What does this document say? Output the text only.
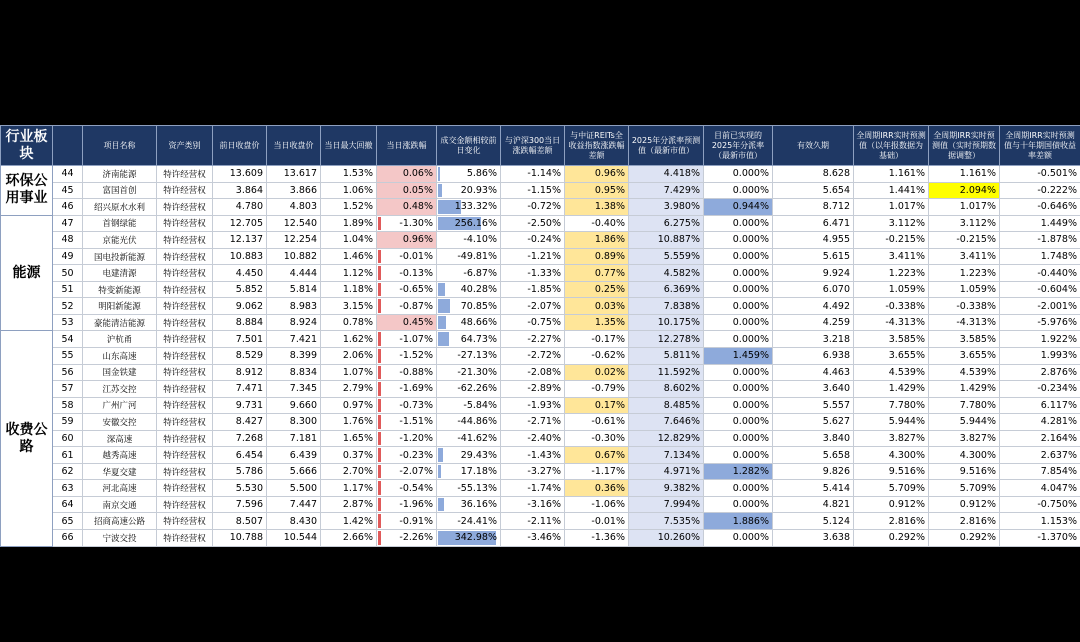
行业板块		项目名称	资产类别	前日收盘价	当日收盘价	当日最大回撤	当日涨跌幅	成交金额相较前日变化	与沪深300当日涨跌幅差额	与中证REITs全收益指数涨跌幅差额	2025年分派率预测值（最新市值）	目前已实现的2025年分派率（最新市值）	有效久期	全周期IRR实时预测值（以年报数据为基础）	全周期IRR实时预测值（实时预期数据调整）	全周期IRR实时预测值与十年期国债收益率差额
环保公用事业	44	济南能源	特许经营权	13.609	13.617	1.53%	0.06%	5.86%	-1.14%	0.96%	4.418%	0.000%	8.628	1.161%	1.161%	-0.501%
	45	富国首创	特许经营权	3.864	3.866	1.06%	0.05%	20.93%	-1.15%	0.95%	7.429%	0.000%	5.654	1.441%	2.094%	-0.222%
	46	绍兴原水水利	特许经营权	4.780	4.803	1.52%	0.48%	133.32%	-0.72%	1.38%	3.980%	0.944%	8.712	1.017%	1.017%	-0.646%
能源	47	首钢绿能	特许经营权	12.705	12.540	1.89%	-1.30%	256.16%	-2.50%	-0.40%	6.275%	0.000%	6.471	3.112%	3.112%	1.449%
	48	京能光伏	特许经营权	12.137	12.254	1.04%	0.96%	-4.10%	-0.24%	1.86%	10.887%	0.000%	4.955	-0.215%	-0.215%	-1.878%
	49	国电投新能源	特许经营权	10.883	10.882	1.46%	-0.01%	-49.81%	-1.21%	0.89%	5.559%	0.000%	5.615	3.411%	3.411%	1.748%
	50	电建清源	特许经营权	4.450	4.444	1.12%	-0.13%	-6.87%	-1.33%	0.77%	4.582%	0.000%	9.924	1.223%	1.223%	-0.440%
	51	特变新能源	特许经营权	5.852	5.814	1.18%	-0.65%	40.28%	-1.85%	0.25%	6.369%	0.000%	6.070	1.059%	1.059%	-0.604%
	52	明阳新能源	特许经营权	9.062	8.983	3.15%	-0.87%	70.85%	-2.07%	0.03%	7.838%	0.000%	4.492	-0.338%	-0.338%	-2.001%
	53	豪能清洁能源	特许经营权	8.884	8.924	0.78%	0.45%	48.66%	-0.75%	1.35%	10.175%	0.000%	4.259	-4.313%	-4.313%	-5.976%
收费公路	54	沪杭甬	特许经营权	7.501	7.421	1.62%	-1.07%	64.73%	-2.27%	-0.17%	12.278%	0.000%	3.218	3.585%	3.585%	1.922%
	55	山东高速	特许经营权	8.529	8.399	2.06%	-1.52%	-27.13%	-2.72%	-0.62%	5.811%	1.459%	6.938	3.655%	3.655%	1.993%
	56	国金铁建	特许经营权	8.912	8.834	1.07%	-0.88%	-21.30%	-2.08%	0.02%	11.592%	0.000%	4.463	4.539%	4.539%	2.876%
	57	江苏交控	特许经营权	7.471	7.345	2.79%	-1.69%	-62.26%	-2.89%	-0.79%	8.602%	0.000%	3.640	1.429%	1.429%	-0.234%
	58	广州广河	特许经营权	9.731	9.660	0.97%	-0.73%	-5.84%	-1.93%	0.17%	8.485%	0.000%	5.557	7.780%	7.780%	6.117%
	59	安徽交控	特许经营权	8.427	8.300	1.76%	-1.51%	-44.86%	-2.71%	-0.61%	7.646%	0.000%	5.627	5.944%	5.944%	4.281%
	60	深高速	特许经营权	7.268	7.181	1.65%	-1.20%	-41.62%	-2.40%	-0.30%	12.829%	0.000%	3.840	3.827%	3.827%	2.164%
	61	越秀高速	特许经营权	6.454	6.439	0.37%	-0.23%	29.43%	-1.43%	0.67%	7.134%	0.000%	5.658	4.300%	4.300%	2.637%
	62	华夏交建	特许经营权	5.786	5.666	2.70%	-2.07%	17.18%	-3.27%	-1.17%	4.971%	1.282%	9.826	9.516%	9.516%	7.854%
	63	河北高速	特许经营权	5.530	5.500	1.17%	-0.54%	-55.13%	-1.74%	0.36%	9.382%	0.000%	5.414	5.709%	5.709%	4.047%
	64	南京交通	特许经营权	7.596	7.447	2.87%	-1.96%	36.16%	-3.16%	-1.06%	7.994%	0.000%	4.821	0.912%	0.912%	-0.750%
	65	招商高速公路	特许经营权	8.507	8.430	1.42%	-0.91%	-24.41%	-2.11%	-0.01%	7.535%	1.886%	5.124	2.816%	2.816%	1.153%
	66	宁波交投	特许经营权	10.788	10.544	2.66%	-2.26%	342.98%	-3.46%	-1.36%	10.260%	0.000%	3.638	0.292%	0.292%	-1.370%
